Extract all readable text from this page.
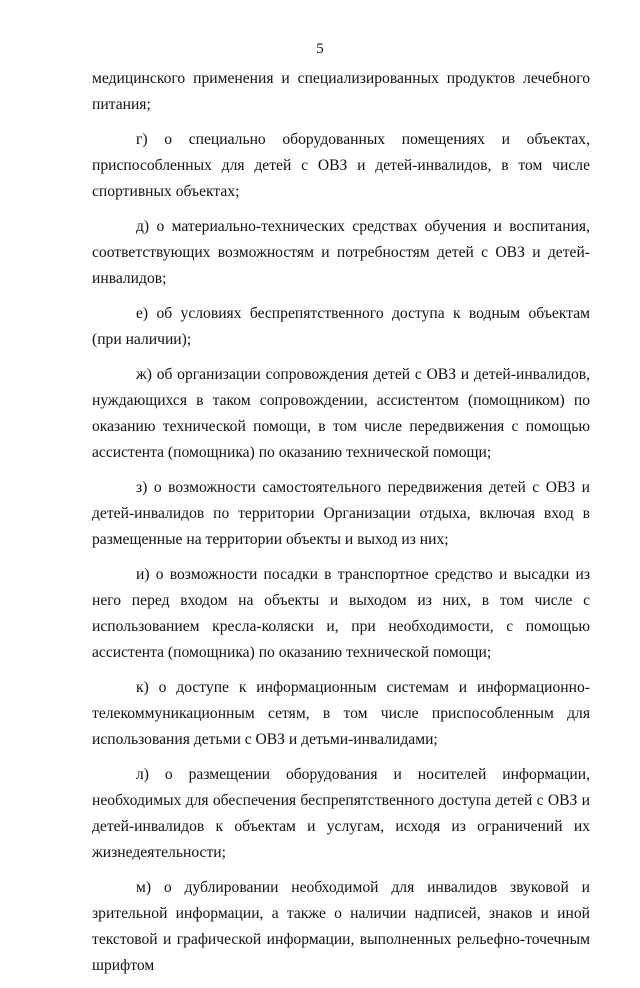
5

медицинского применения и специализированных продуктов лечебного питания;

г) о специально оборудованных помещениях и объектах, приспособленных для детей с ОВЗ и детей-инвалидов, в том числе спортивных объектах;

д) о материально-технических средствах обучения и воспитания, соответствующих возможностям и потребностям детей с ОВЗ и детей-инвалидов;

е) об условиях беспрепятственного доступа к водным объектам (при наличии);

ж) об организации сопровождения детей с ОВЗ и детей-инвалидов, нуждающихся в таком сопровождении, ассистентом (помощником) по оказанию технической помощи, в том числе передвижения с помощью ассистента (помощника) по оказанию технической помощи;

з) о возможности самостоятельного передвижения детей с ОВЗ и детей-инвалидов по территории Организации отдыха, включая вход в размещенные на территории объекты и выход из них;

и) о возможности посадки в транспортное средство и высадки из него перед входом на объекты и выходом из них, в том числе с использованием кресла-коляски и, при необходимости, с помощью ассистента (помощника) по оказанию технической помощи;

к) о доступе к информационным системам и информационно-телекоммуникационным сетям, в том числе приспособленным для использования детьми с ОВЗ и детьми-инвалидами;

л) о размещении оборудования и носителей информации, необходимых для обеспечения беспрепятственного доступа детей с ОВЗ и детей-инвалидов к объектам и услугам, исходя из ограничений их жизнедеятельности;

м) о дублировании необходимой для инвалидов звуковой и зрительной информации, а также о наличии надписей, знаков и иной текстовой и графической информации, выполненных рельефно-точечным шрифтом
